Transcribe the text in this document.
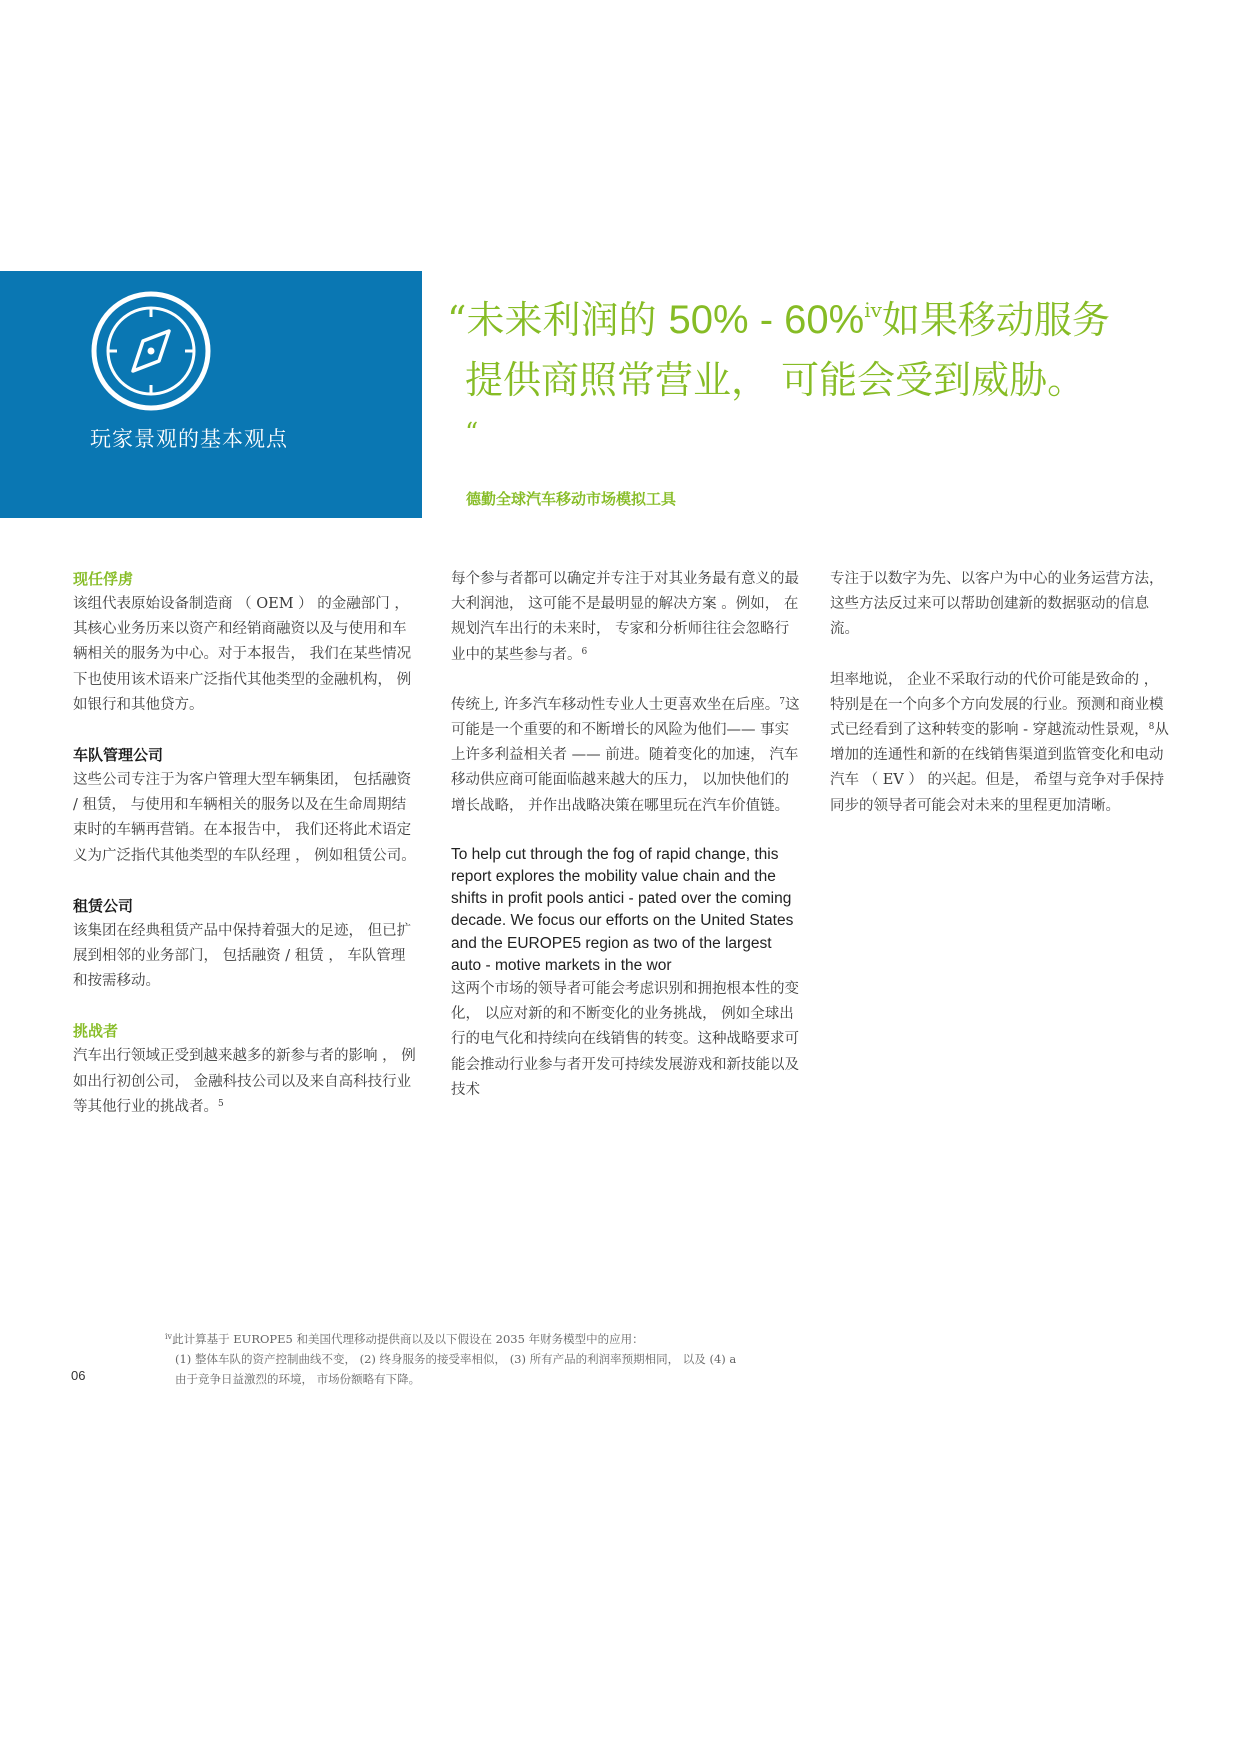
玩家景观的基本观点
“未来利润的 50% - 60%$^{iv}$如果移动服务
提供商照常营业， 可能会受到威胁。
“
德勤全球汽车移动市场模拟工具

现任俘虏

该组代表原始设备制造商 （ OEM ） 的金融部门 ， 其核心业务历来以资产和经销商融资以及与使用和车辆相关的服务为中心。对于本报告， 我们在某些情况下也使用该术语来广泛指代其他类型的金融机构， 例如银行和其他贷方。

车队管理公司

这些公司专注于为客户管理大型车辆集团， 包括融资 / 租赁， 与使用和车辆相关的服务以及在生命周期结束时的车辆再营销。在本报告中， 我们还将此术语定义为广泛指代其他类型的车队经理 ， 例如租赁公司。

租赁公司

该集团在经典租赁产品中保持着强大的足迹， 但已扩展到相邻的业务部门， 包括融资 / 租赁 ， 车队管理和按需移动。

挑战者

汽车出行领域正受到越来越多的新参与者的影响 ， 例如出行初创公司， 金融科技公司以及来自高科技行业等其他行业的挑战者。$^5$

每个参与者都可以确定并专注于对其业务最有意义的最大利润池， 这可能不是最明显的解决方案 。例如， 在规划汽车出行的未来时， 专家和分析师往往会忽略行业中的某些参与者。$^6$

传统上, 许多汽车移动性专业人士更喜欢坐在后座。$^7$这可能是一个重要的和不断增长的风险为他们—— 事实上许多利益相关者 —— 前进。随着变化的加速， 汽车移动供应商可能面临越来越大的压力， 以加快他们的增长战略， 并作出战略决策在哪里玩在汽车价值链。

To help cut through the fog of rapid change, this report explores the mobility value chain and the shifts in profit pools antici - pated over the coming decade. We focus our efforts on the United States and the EUROPE5 region as two of the largest auto - motive markets in the wor

这两个市场的领导者可能会考虑识别和拥抱根本性的变化， 以应对新的和不断变化的业务挑战， 例如全球出行的电气化和持续向在线销售的转变。这种战略要求可能会推动行业参与者开发可持续发展游戏和新技能以及技术

专注于以数字为先、以客户为中心的业务运营方法， 这些方法反过来可以帮助创建新的数据驱动的信息流。

坦率地说， 企业不采取行动的代价可能是致命的 ， 特别是在一个向多个方向发展的行业。预测和商业模式已经看到了这种转变的影响 - 穿越流动性景观，$^8$从增加的连通性和新的在线销售渠道到监管变化和电动汽车 （ EV ） 的兴起。但是， 希望与竞争对手保持同步的领导者可能会对未来的里程更加清晰。

$^{iv}$此计算基于 EUROPE5 和美国代理移动提供商以及以下假设在 2035 年财务模型中的应用：

(1) 整体车队的资产控制曲线不变， (2) 终身服务的接受率相似， (3) 所有产品的利润率预期相同， 以及 (4) a

由于竞争日益激烈的环境， 市场份额略有下降。

06
